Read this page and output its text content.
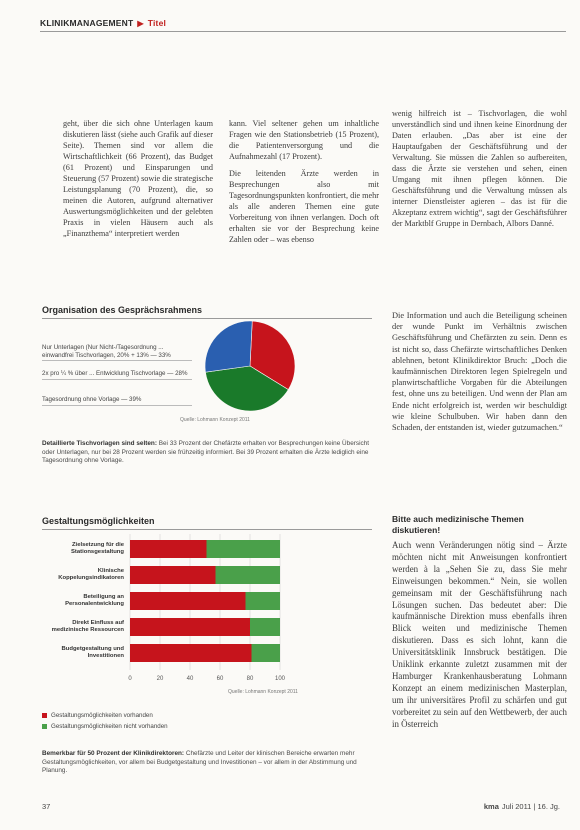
KLINIKMANAGEMENT ▶ Titel

geht, über die sich ohne Unterlagen kaum diskutieren lässt (siehe auch Grafik auf dieser Seite). Themen sind vor allem die Wirtschaftlichkeit (66 Prozent), das Budget (61 Prozent) und Einsparungen und Steuerung (57 Prozent) sowie die strategische Leistungsplanung (70 Prozent), die, so meinen die Autoren, aufgrund alternativer Auswertungsmöglichkeiten und der gelebten Praxis in vielen Häusern auch als „Finanzthema“ interpretiert werden

kann. Viel seltener gehen um inhaltliche Fragen wie den Stationsbetrieb (15 Prozent), die Patientenversorgung und die Aufnahmezahl (17 Prozent).

Die leitenden Ärzte werden in Besprechungen also mit Tagesordnungspunkten konfrontiert, die mehr als alle anderen Themen eine gute Vorbereitung von ihnen verlangen. Doch oft erhalten sie vor der Besprechung keine Zahlen oder – was ebenso

wenig hilfreich ist – Tischvorlagen, die wohl unverständlich sind und ihnen keine Einordnung der Daten erlauben. „Das aber ist eine der Hauptaufgaben der Geschäftsführung und der Verwaltung. Sie müssen die Zahlen so aufbereiten, dass die Ärzte sie verstehen und sehen, einen Umgang mit ihnen pflegen können. Die Geschäftsführung und die Verwaltung müssen als interner Dienstleister agieren – das ist für die Akzeptanz extrem wichtig“, sagt der Geschäftsführer der Marktblf Gruppe in Dernbach, Albors Danné.

Organisation des Gesprächsrahmens
Nur Unterlagen (Nur Nicht-/Tagesordnung ... einwandfrei Tischvorlagen, 20% + 13% — 33%
2x pro ¼ % über ... Entwicklung Tischvorlage — 28%
Tagesordnung ohne Vorlage — 39%
Quelle: Lohmann Konzept 2011
Detaillierte Tischvorlagen sind selten: Bei 33 Prozent der Chefärzte erhalten vor Besprechungen keine Übersicht oder Unterlagen, nur bei 28 Prozent werden sie frühzeitig informiert. Bei 39 Prozent erhalten die Ärzte lediglich eine Tagesordnung ohne Vorlage.

Die Information und auch die Beteiligung scheinen der wunde Punkt im Verhältnis zwischen Geschäftsführung und Chefärzten zu sein. Denn es ist nicht so, dass Chefärzte wirtschaftliches Denken ablehnen, betont Klinikdirektor Bruch: „Doch die kaufmännischen Direktoren legen Spielregeln und planwirtschaftliche Vorgaben für die Abteilungen fest, ohne uns zu beteiligen. Und wenn der Plan am Ende nicht erfolgreich ist, werden wir beschuldigt wie kleine Schulbuben. Wir haben dann den Schaden, der entstanden ist, wieder gutzumachen.“

Gestaltungsmöglichkeiten
Zielsetzung für die Stationsgestaltung
Klinische Koppelungsindikatoren
Beteiligung an Personalentwicklung
Direkt Einfluss auf medizinische Ressourcen
Budgetgestaltung und Investitionen
0	20	40	60	80	100
Quelle: Lohmann Konzept 2011
Gestaltungsmöglichkeiten vorhanden
Gestaltungsmöglichkeiten nicht vorhanden
Bemerkbar für 50 Prozent der Klinikdirektoren: Chefärzte und Leiter der klinischen Bereiche erwarten mehr Gestaltungsmöglichkeiten, vor allem bei Budgetgestaltung und Investitionen – vor allem in der Abstimmung und Planung.
Bitte auch medizinische Themen diskutieren!
Auch wenn Veränderungen nötig sind – Ärzte möchten nicht mit Anweisungen konfrontiert werden à la „Sehen Sie zu, dass Sie mehr Einweisungen bekommen.“ Nein, sie wollen gemeinsam mit der Geschäftsführung nach Lösungen suchen. Das bedeutet aber: Die kaufmännische Direktion muss ebenfalls ihren Blick weiten und medizinische Themen diskutieren. Dass es sich lohnt, kann die Universitätsklinik Innsbruck bestätigen. Die Uniklink erkannte zuletzt zusammen mit der Hamburger Krankenhausberatung Lohmann Konzept an einem medizinischen Masterplan, um ihr universitäres Profil zu schärfen und gut vorbereitet zu sein auf den Wettbewerb, der auch in Österreich
37	kma Juli 2011 | 16. Jg.
